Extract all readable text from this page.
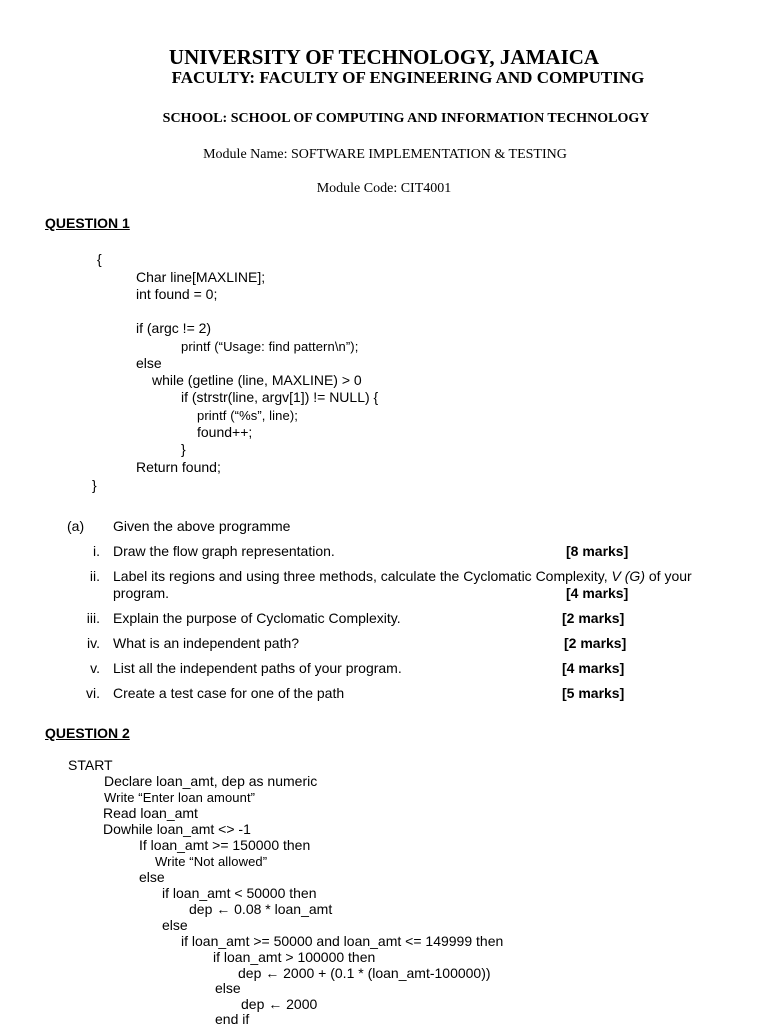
UNIVERSITY OF TECHNOLOGY, JAMAICA
FACULTY: FACULTY OF ENGINEERING AND COMPUTING
SCHOOL: SCHOOL OF COMPUTING AND INFORMATION TECHNOLOGY
Module Name: SOFTWARE IMPLEMENTATION & TESTING
Module Code: CIT4001
QUESTION 1
{
Char line[MAXLINE];
int found = 0;
if (argc != 2)
printf (“Usage: find pattern\n”);
else
while (getline (line, MAXLINE) > 0
if (strstr(line, argv[1]) != NULL) {
printf (“%s”, line);
found++;
}
Return found;
}
(a) Given the above programme
i. Draw the flow graph representation.	[8 marks]
ii. Label its regions and using three methods, calculate the Cyclomatic Complexity, V (G) of your
program.	[4 marks]
iii. Explain the purpose of Cyclomatic Complexity.	[2 marks]
iv. What is an independent path?	[2 marks]
v. List all the independent paths of your program.	[4 marks]
vi. Create a test case for one of the path	[5 marks]
QUESTION 2
START
Declare loan_amt, dep as numeric
Write “Enter loan amount”
Read loan_amt
Dowhile loan_amt <> -1
If loan_amt >= 150000 then
Write “Not allowed”
else
if loan_amt < 50000 then
dep ← 0.08 * loan_amt
else
if loan_amt >= 50000 and loan_amt <= 149999 then
if loan_amt > 100000 then
dep ← 2000 + (0.1 * (loan_amt-100000))
else
dep ← 2000
end if
